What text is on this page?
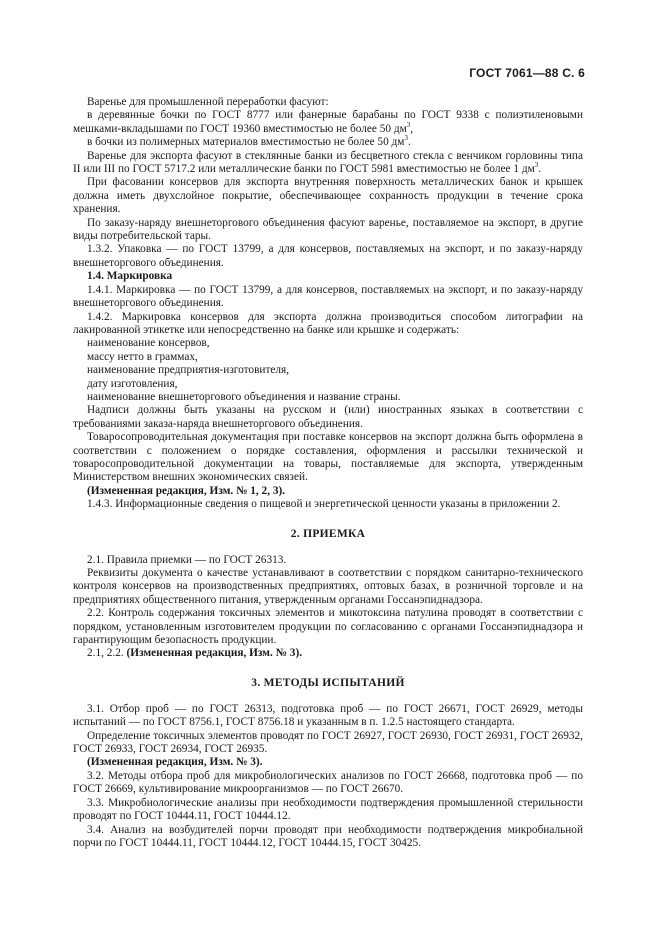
ГОСТ 7061—88 С. 6

Варенье для промышленной переработки фасуют:

в деревянные бочки по ГОСТ 8777 или фанерные барабаны по ГОСТ 9338 с полиэтиленовыми мешками-вкладышами по ГОСТ 19360 вместимостью не более 50 $дм^3$,

в бочки из полимерных материалов вместимостью не более 50 $дм^3$.

Варенье для экспорта фасуют в стеклянные банки из бесцветного стекла с венчиком горловины типа II или III по ГОСТ 5717.2 или металлические банки по ГОСТ 5981 вместимостью не более 1 $дм^3$.

При фасовании консервов для экспорта внутренняя поверхность металлических банок и крышек должна иметь двухслойное покрытие, обеспечивающее сохранность продукции в течение срока хранения.

По заказу-наряду внешнеторгового объединения фасуют варенье, поставляемое на экспорт, в другие виды потребительской тары.

1.3.2. Упаковка — по ГОСТ 13799, а для консервов, поставляемых на экспорт, и по заказу-наряду внешнеторгового объединения.

1.4. Маркировка

1.4.1. Маркировка — по ГОСТ 13799, а для консервов, поставляемых на экспорт, и по заказу-наряду внешнеторгового объединения.

1.4.2. Маркировка консервов для экспорта должна производиться способом литографии на лакированной этикетке или непосредственно на банке или крышке и содержать:

наименование консервов,

массу нетто в граммах,

наименование предприятия-изготовителя,

дату изготовления,

наименование внешнеторгового объединения и название страны.

Надписи должны быть указаны на русском и (или) иностранных языках в соответствии с требованиями заказа-наряда внешнеторгового объединения.

Товаросопроводительная документация при поставке консервов на экспорт должна быть оформлена в соответствии с положением о порядке составления, оформления и рассылки технической и товаросопроводительной документации на товары, поставляемые для экспорта, утвержденным Министерством внешних экономических связей.

(Измененная редакция, Изм. № 1, 2, 3).

1.4.3. Информационные сведения о пищевой и энергетической ценности указаны в приложении 2.

2. ПРИЕМКА

2.1. Правила приемки — по ГОСТ 26313.

Реквизиты документа о качестве устанавливают в соответствии с порядком санитарно-технического контроля консервов на производственных предприятиях, оптовых базах, в розничной торговле и на предприятиях общественного питания, утвержденным органами Госсанэпиднадзора.

2.2. Контроль содержания токсичных элементов и микотоксина патулина проводят в соответствии с порядком, установленным изготовителем продукции по согласованию с органами Госсанэпиднадзора и гарантирующим безопасность продукции.

2.1, 2.2. (Измененная редакция, Изм. № 3).

3. МЕТОДЫ ИСПЫТАНИЙ

3.1. Отбор проб — по ГОСТ 26313, подготовка проб — по ГОСТ 26671, ГОСТ 26929, методы испытаний — по ГОСТ 8756.1, ГОСТ 8756.18 и указанным в п. 1.2.5 настоящего стандарта.

Определение токсичных элементов проводят по ГОСТ 26927, ГОСТ 26930, ГОСТ 26931, ГОСТ 26932, ГОСТ 26933, ГОСТ 26934, ГОСТ 26935.

(Измененная редакция, Изм. № 3).

3.2. Методы отбора проб для микробиологических анализов по ГОСТ 26668, подготовка проб — по ГОСТ 26669, культивирование микроорганизмов — по ГОСТ 26670.

3.3. Микробиологические анализы при необходимости подтверждения промышленной стерильности проводят по ГОСТ 10444.11, ГОСТ 10444.12.

3.4. Анализ на возбудителей порчи проводят при необходимости подтверждения микробиальной порчи по ГОСТ 10444.11, ГОСТ 10444.12, ГОСТ 10444.15, ГОСТ 30425.
